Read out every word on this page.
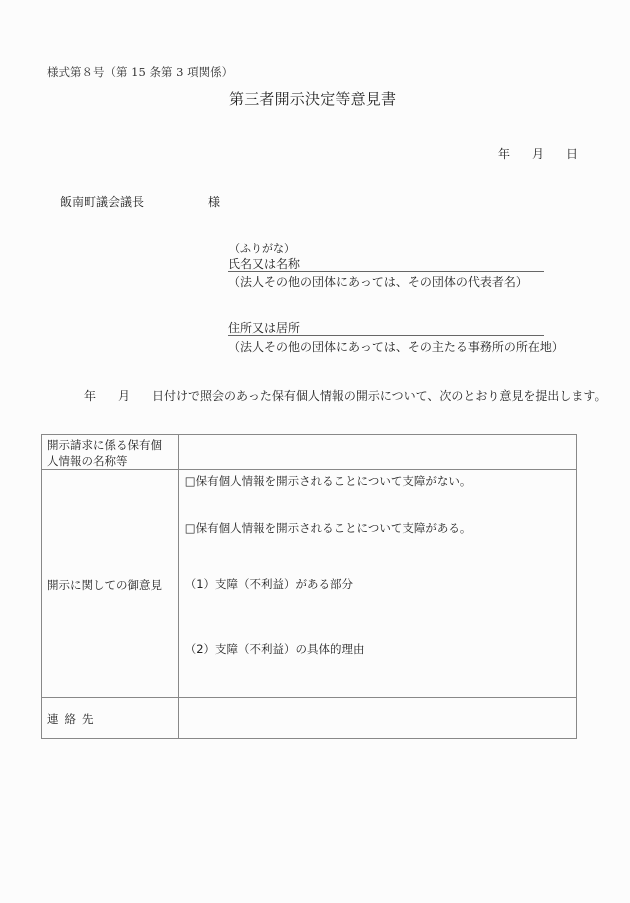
様式第８号（第 15 条第 3 項関係）
第三者開示決定等意見書
年 月 日
飯南町議会議長	様
（ふりがな）
氏名又は名称
（法人その他の団体にあっては、その団体の代表者名）
住所又は居所
（法人その他の団体にあっては、その主たる事務所の所在地）
年 月 日付けで照会のあった保有個人情報の開示について、次のとおり意見を提出します。
開示請求に係る保有個人情報の名称等	
開示に関しての御意見	□保有個人情報を開示されることについて支障がない。
□保有個人情報を開示されることについて支障がある。
（1）支障（不利益）がある部分
（2）支障（不利益）の具体的理由

連絡先	
